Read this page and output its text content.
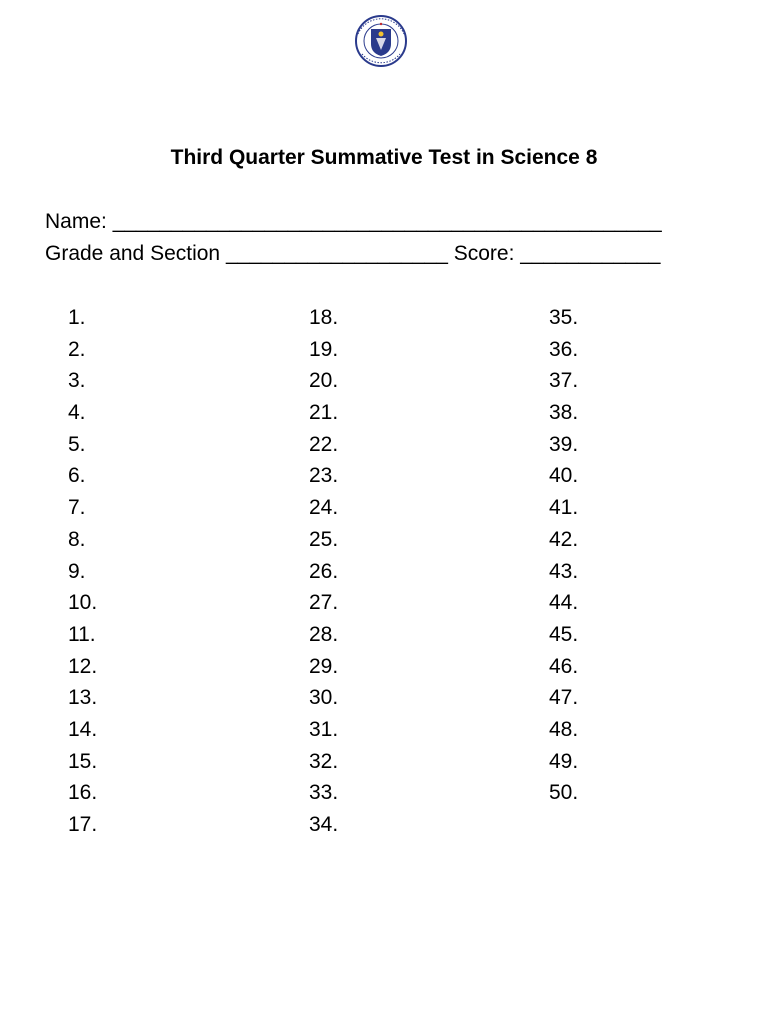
Third Quarter Summative Test in Science 8
Name: _______________________________________________
Grade and Section ___________________ Score: ____________
1.
2.
3.
4.
5.
6.
7.
8.
9.
10.
11.
12.
13.
14.
15.
16.
17.
18.
19.
20.
21.
22.
23.
24.
25.
26.
27.
28.
29.
30.
31.
32.
33.
34.
35.
36.
37.
38.
39.
40.
41.
42.
43.
44.
45.
46.
47.
48.
49.
50.
